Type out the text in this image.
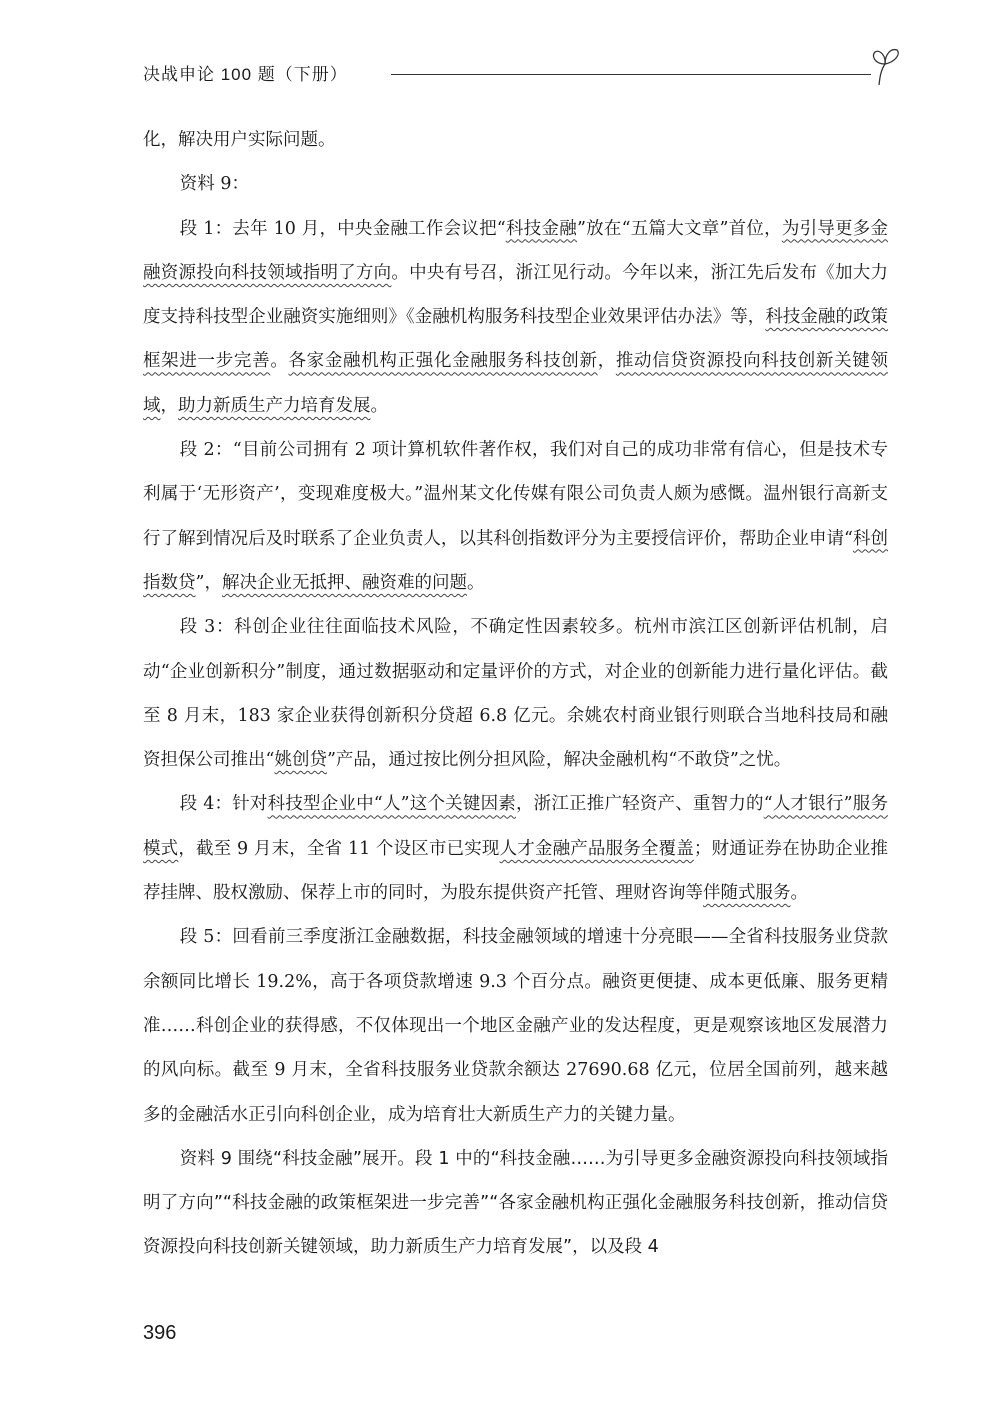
决战申论 100 题（下册）

化，解决用户实际问题。

资料 9：

段 1：去年 10 月，中央金融工作会议把“科技金融”放在“五篇大文章”首位，为引导更多金融资源投向科技领域指明了方向。中央有号召，浙江见行动。今年以来，浙江先后发布《加大力度支持科技型企业融资实施细则》《金融机构服务科技型企业效果评估办法》等，科技金融的政策框架进一步完善。各家金融机构正强化金融服务科技创新，推动信贷资源投向科技创新关键领域，助力新质生产力培育发展。

段 2：“目前公司拥有 2 项计算机软件著作权，我们对自己的成功非常有信心，但是技术专利属于‘无形资产’，变现难度极大。”温州某文化传媒有限公司负责人颇为感慨。温州银行高新支行了解到情况后及时联系了企业负责人，以其科创指数评分为主要授信评价，帮助企业申请“科创指数贷”，解决企业无抵押、融资难的问题。

段 3：科创企业往往面临技术风险，不确定性因素较多。杭州市滨江区创新评估机制，启动“企业创新积分”制度，通过数据驱动和定量评价的方式，对企业的创新能力进行量化评估。截至 8 月末，183 家企业获得创新积分贷超 6.8 亿元。余姚农村商业银行则联合当地科技局和融资担保公司推出“姚创贷”产品，通过按比例分担风险，解决金融机构“不敢贷”之忧。

段 4：针对科技型企业中“人”这个关键因素，浙江正推广轻资产、重智力的“人才银行”服务模式，截至 9 月末，全省 11 个设区市已实现人才金融产品服务全覆盖；财通证券在协助企业推荐挂牌、股权激励、保荐上市的同时，为股东提供资产托管、理财咨询等伴随式服务。

段 5：回看前三季度浙江金融数据，科技金融领域的增速十分亮眼——全省科技服务业贷款余额同比增长 19.2%，高于各项贷款增速 9.3 个百分点。融资更便捷、成本更低廉、服务更精准……科创企业的获得感，不仅体现出一个地区金融产业的发达程度，更是观察该地区发展潜力的风向标。截至 9 月末，全省科技服务业贷款余额达 27690.68 亿元，位居全国前列，越来越多的金融活水正引向科创企业，成为培育壮大新质生产力的关键力量。

资料 9 围绕“科技金融”展开。段 1 中的“科技金融……为引导更多金融资源投向科技领域指明了方向”“科技金融的政策框架进一步完善”“各家金融机构正强化金融服务科技创新，推动信贷资源投向科技创新关键领域，助力新质生产力培育发展”，以及段 4

396
